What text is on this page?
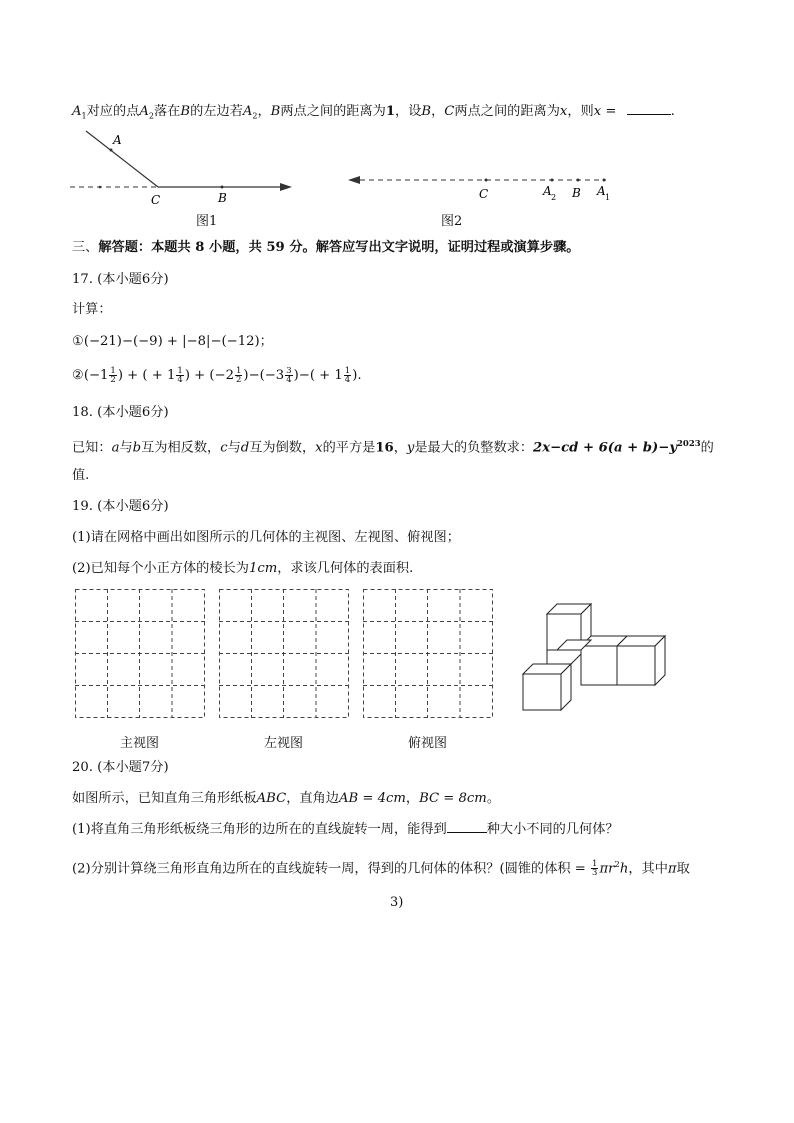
$A_1$对应的点$A_2$落在B的左边若$A_2$，B两点之间的距离为1，设B，C两点之间的距离为x，则x =	.
A
C	B
图1
C	A 2 B A 1
图2
三、解答题：本题共 8 小题，共 59 分。解答应写出文字说明，证明过程或演算步骤。
17. (本小题6分)
计算：
①(−21)−(−9) + |−8|−(−12)；
②(−1 $\frac{1}{2}$ ) + ( + $1 \frac{1}{4}$ ) + $(-2 \frac{1}{2} )-(-3 \frac{3}{4}$ )−( + $1 \frac{1}{4}$ ).
18. (本小题6分)
已知：a与b互为相反数，c与d互为倒数，x的平方是16，y是最大的负整数求：$2x-cd + 6(a + b)-y^{2023}$的
值.
19. (本小题6分)
(1)请在网格中画出如图所示的几何体的主视图、左视图、俯视图；
(2)已知每个小正方体的棱长为1cm，求该几何体的表面积.
主视图	左视图	俯视图
20. (本小题7分)
如图所示，已知直角三角形纸板ABC，直角边AB = 4cm，BC = 8cm。
(1)将直角三角形纸板绕三角形的边所在的直线旋转一周，能得到	种大小不同的几何体？
(2)分别计算绕三角形直角边所在的直线旋转一周，得到的几何体的体积？(圆锥的体积 = $\frac{1}{3} \pi r^2h$，其中π取
3)
